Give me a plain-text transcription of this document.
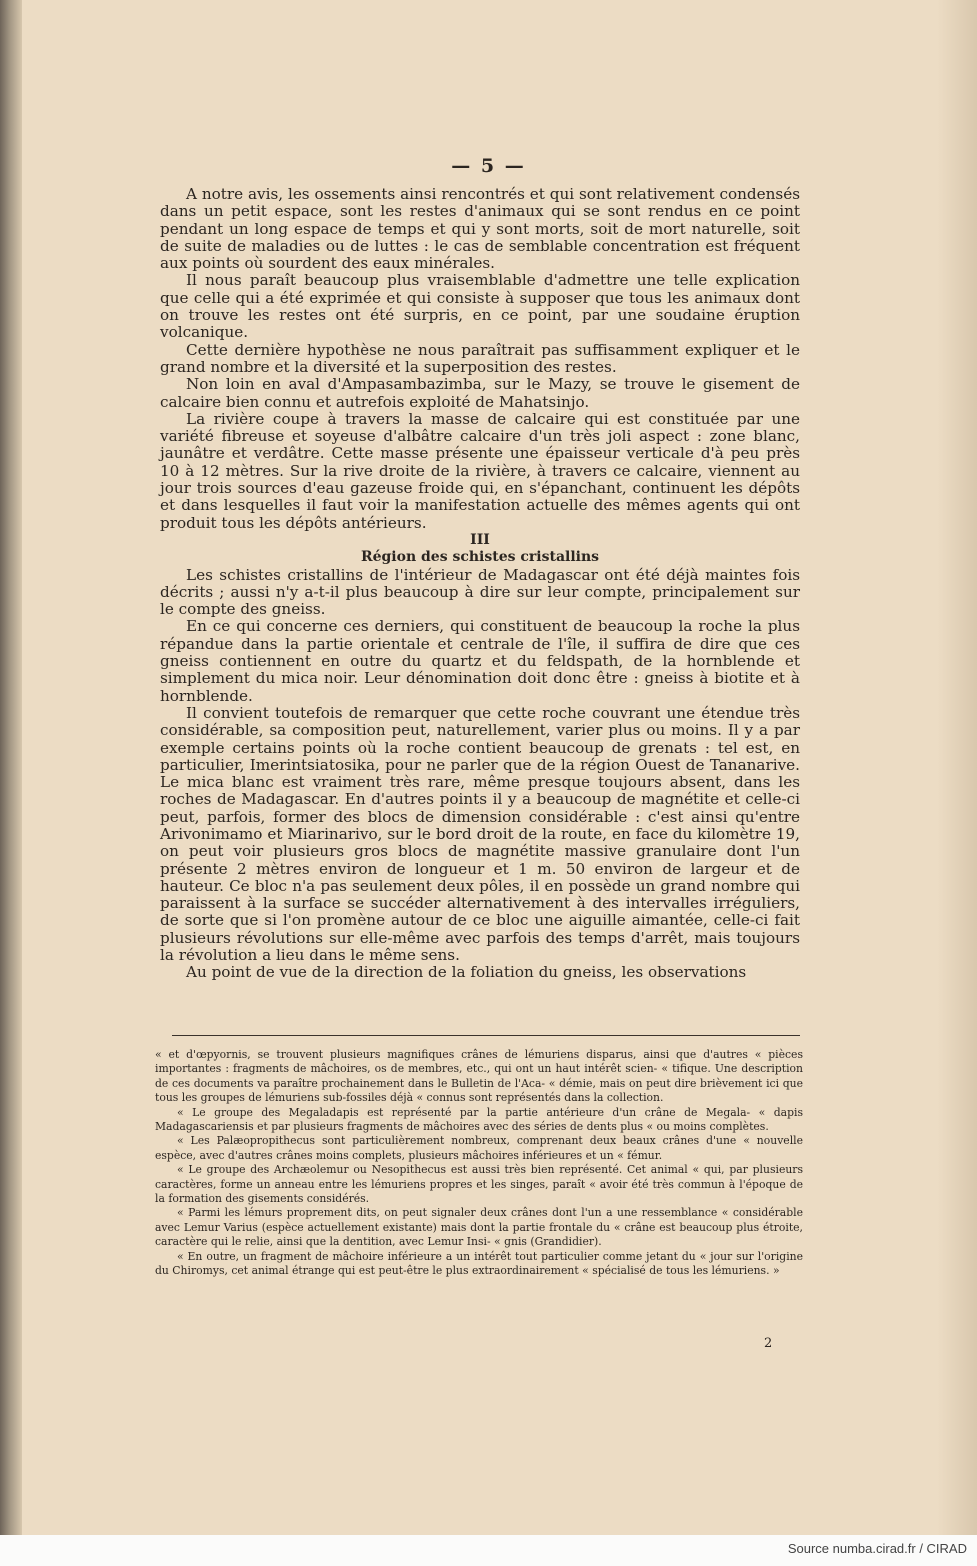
— 5 —

A notre avis, les ossements ainsi rencontrés et qui sont relativement condensés dans un petit espace, sont les restes d'animaux qui se sont rendus en ce point pendant un long espace de temps et qui y sont morts, soit de mort naturelle, soit de suite de maladies ou de luttes : le cas de semblable concentration est fréquent aux points où sourdent des eaux minérales.

Il nous paraît beaucoup plus vraisemblable d'admettre une telle explication que celle qui a été exprimée et qui consiste à supposer que tous les animaux dont on trouve les restes ont été surpris, en ce point, par une soudaine éruption volcanique.

Cette dernière hypothèse ne nous paraîtrait pas suffisamment expliquer et le grand nombre et la diversité et la superposition des restes.

Non loin en aval d'Ampasambazimba, sur le Mazy, se trouve le gisement de calcaire bien connu et autrefois exploité de Mahatsinjo.

La rivière coupe à travers la masse de calcaire qui est constituée par une variété fibreuse et soyeuse d'albâtre calcaire d'un très joli aspect : zone blanc, jaunâtre et verdâtre. Cette masse présente une épaisseur verticale d'à peu près 10 à 12 mètres. Sur la rive droite de la rivière, à travers ce calcaire, viennent au jour trois sources d'eau gazeuse froide qui, en s'épanchant, continuent les dépôts et dans lesquelles il faut voir la manifestation actuelle des mêmes agents qui ont produit tous les dépôts antérieurs.

III

Région des schistes cristallins

Les schistes cristallins de l'intérieur de Madagascar ont été déjà maintes fois décrits ; aussi n'y a-t-il plus beaucoup à dire sur leur compte, principalement sur le compte des gneiss.

En ce qui concerne ces derniers, qui constituent de beaucoup la roche la plus répandue dans la partie orientale et centrale de l'île, il suffira de dire que ces gneiss contiennent en outre du quartz et du feldspath, de la hornblende et simplement du mica noir. Leur dénomination doit donc être : gneiss à biotite et à hornblende.

Il convient toutefois de remarquer que cette roche couvrant une étendue très considérable, sa composition peut, naturellement, varier plus ou moins. Il y a par exemple certains points où la roche contient beaucoup de grenats : tel est, en particulier, Imerintsiatosika, pour ne parler que de la région Ouest de Tananarive. Le mica blanc est vraiment très rare, même presque toujours absent, dans les roches de Madagascar. En d'autres points il y a beaucoup de magnétite et celle-ci peut, parfois, former des blocs de dimension considérable : c'est ainsi qu'entre Arivonimamo et Miarinarivo, sur le bord droit de la route, en face du kilomètre 19, on peut voir plusieurs gros blocs de magnétite massive granulaire dont l'un présente 2 mètres environ de longueur et 1 m. 50 environ de largeur et de hauteur. Ce bloc n'a pas seulement deux pôles, il en possède un grand nombre qui paraissent à la surface se succéder alternativement à des intervalles irréguliers, de sorte que si l'on promène autour de ce bloc une aiguille aimantée, celle-ci fait plusieurs révolutions sur elle-même avec parfois des temps d'arrêt, mais toujours la révolution a lieu dans le même sens.

Au point de vue de la direction de la foliation du gneiss, les observations

« et d'œpyornis, se trouvent plusieurs magnifiques crânes de lémuriens disparus, ainsi que d'autres « pièces importantes : fragments de mâchoires, os de membres, etc., qui ont un haut intérêt scien- « tifique. Une description de ces documents va paraître prochainement dans le Bulletin de l'Aca- « démie, mais on peut dire brièvement ici que tous les groupes de lémuriens sub-fossiles déjà « connus sont représentés dans la collection.

« Le groupe des Megaladapis est représenté par la partie antérieure d'un crâne de Megala- « dapis Madagascariensis et par plusieurs fragments de mâchoires avec des séries de dents plus « ou moins complètes.

« Les Palæopropithecus sont particulièrement nombreux, comprenant deux beaux crânes d'une « nouvelle espèce, avec d'autres crânes moins complets, plusieurs mâchoires inférieures et un « fémur.

« Le groupe des Archæolemur ou Nesopithecus est aussi très bien représenté. Cet animal « qui, par plusieurs caractères, forme un anneau entre les lémuriens propres et les singes, paraît « avoir été très commun à l'époque de la formation des gisements considérés.

« Parmi les lémurs proprement dits, on peut signaler deux crânes dont l'un a une ressemblance « considérable avec Lemur Varius (espèce actuellement existante) mais dont la partie frontale du « crâne est beaucoup plus étroite, caractère qui le relie, ainsi que la dentition, avec Lemur Insi- « gnis (Grandidier).

« En outre, un fragment de mâchoire inférieure a un intérêt tout particulier comme jetant du « jour sur l'origine du Chiromys, cet animal étrange qui est peut-être le plus extraordinairement « spécialisé de tous les lémuriens. »

2
Source numba.cirad.fr / CIRAD
